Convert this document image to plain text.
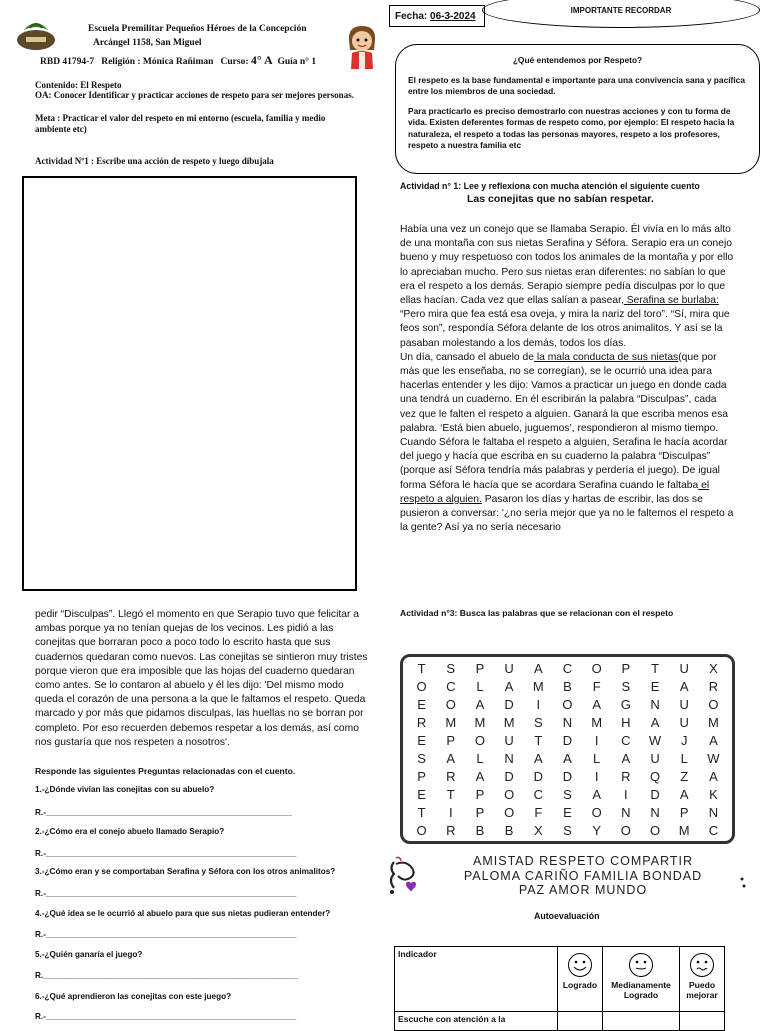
Escuela Premilitar Pequeños Héroes de la Concepción
Arcángel 1158, San Miguel
RBD 41794-7 Religión : Mónica Rañiman Curso: 4° A Guía n° 1
Fecha: 06-3-2024
IMPORTANTE RECORDAR
Contenido: El Respeto
OA: Conocer Identificar y practicar acciones de respeto para ser mejores personas.
Meta : Practicar el valor del respeto en mi entorno (escuela, familia y medio ambiente etc)
Actividad Nº1 : Escribe una acción de respeto y luego dibujala
¿Qué entendemos por Respeto?
El respeto es la base fundamental e importante para una convivencia sana y pacífica entre los miembros de una sociedad.
Para practicarlo es preciso demostrarlo con nuestras acciones y con tu forma de vida. Existen deferentes formas de respeto como, por ejemplo: El respeto hacia la naturaleza, el respeto a todas las personas mayores, respeto a los profesores, respeto a nuestra familia etc
Actividad n° 1: Lee y reflexiona con mucha atención el siguiente cuento
Las conejitas que no sabían respetar.
Había una vez un conejo que se llamaba Serapio. Él vivía en lo más alto de una montaña con sus nietas Serafina y Séfora. Serapio era un conejo bueno y muy respetuoso con todos los animales de la montaña y por ello lo apreciaban mucho. Pero sus nietas eran diferentes: no sabían lo que era el respeto a los demás. Serapio siempre pedía disculpas por lo que ellas hacían. Cada vez que ellas salían a pasear, Serafina se burlaba:
“Pero mira que fea está esa oveja, y mira la nariz del toro”. “Sí, mira que feos son”, respondía Séfora delante de los otros animalitos. Y así se la pasaban molestando a los demás, todos los días.
Un día, cansado el abuelo de la mala conducta de sus nietas(que por más que les enseñaba, no se corregían), se le ocurrió una idea para hacerlas entender y les dijo: Vamos a practicar un juego en donde cada una tendrá un cuaderno. En él escribirán la palabra “Disculpas”, cada vez que le falten el respeto a alguien. Ganará la que escriba menos esa palabra. ‘Está bien abuelo, juguemos’, respondieron al mismo tiempo.
Cuando Séfora le faltaba el respeto a alguien, Serafina le hacía acordar del juego y hacía que escriba en su cuaderno la palabra “Disculpas” (porque así Séfora tendría más palabras y perdería el juego). De igual forma Séfora le hacía que se acordara Serafina cuando le faltaba el respeto a alguien. Pasaron los días y hartas de escribir, las dos se pusieron a conversar: '¿no sería mejor que ya no le faltemos el respeto a la gente? Así ya no sería necesario
pedir “Disculpas”. Llegó el momento en que Serapio tuvo que felicitar a ambas porque ya no tenían quejas de los vecinos. Les pidió a las conejitas que borraran poco a poco todo lo escrito hasta que sus cuadernos quedaran como nuevos. Las conejitas se sintieron muy tristes porque vieron que era imposible que las hojas del cuaderno quedaran como antes. Se lo contaron al abuelo y él les dijo: 'Del mismo modo queda el corazón de una persona a la que le faltamos el respeto. Queda marcado y por más que pidamos disculpas, las huellas no se borran por completo. Por eso recuerden debemos respetar a los demás, así como nos gustaría que nos respeten a nosotros'.
Responde las siguientes Preguntas relacionadas con el cuento.
1.-¿Dónde vivían las conejitas con su abuelo?
R.-______________________________________________________
2.-¿Cómo era el conejo abuelo llamado Serapio?
R.-_______________________________________________________
3.-¿Cómo eran y se comportaban Serafina y Séfora con los otros animalitos?
R.-_______________________________________________________
4.-¿Qué idea se le ocurrió al abuelo para que sus nietas pudieran entender?
R.-_______________________________________________________
5.-¿Quién ganaría el juego?
R.________________________________________________________
6.-¿Qué aprendieron las conejitas con este juego?
R.-_______________________________________________________
Actividad n°3: Busca las palabras que se relacionan con el respeto
T	S	P	U	A	C	O	P	T	U	X
O	C	L	A	M	B	F	S	E	A	R
E	O	A	D	I	O	A	G	N	U	O
R	M	M	M	S	N	M	H	A	U	M
E	P	O	U	T	D	I	C	W	J	A
S	A	L	N	A	A	L	A	U	L	W
P	R	A	D	D	D	I	R	Q	Z	A
E	T	P	O	C	S	A	I	D	A	K
T	I	P	O	F	E	O	N	N	P	N
O	R	B	B	X	S	Y	O	O	M	C
AMISTAD RESPETO COMPARTIR
PALOMA CARIÑO FAMILIA BONDAD
PAZ AMOR MUNDO
Autoevaluación
Indicador	Logrado	Medianamente Logrado	Puedo mejorar
Escuche con atención a la			
